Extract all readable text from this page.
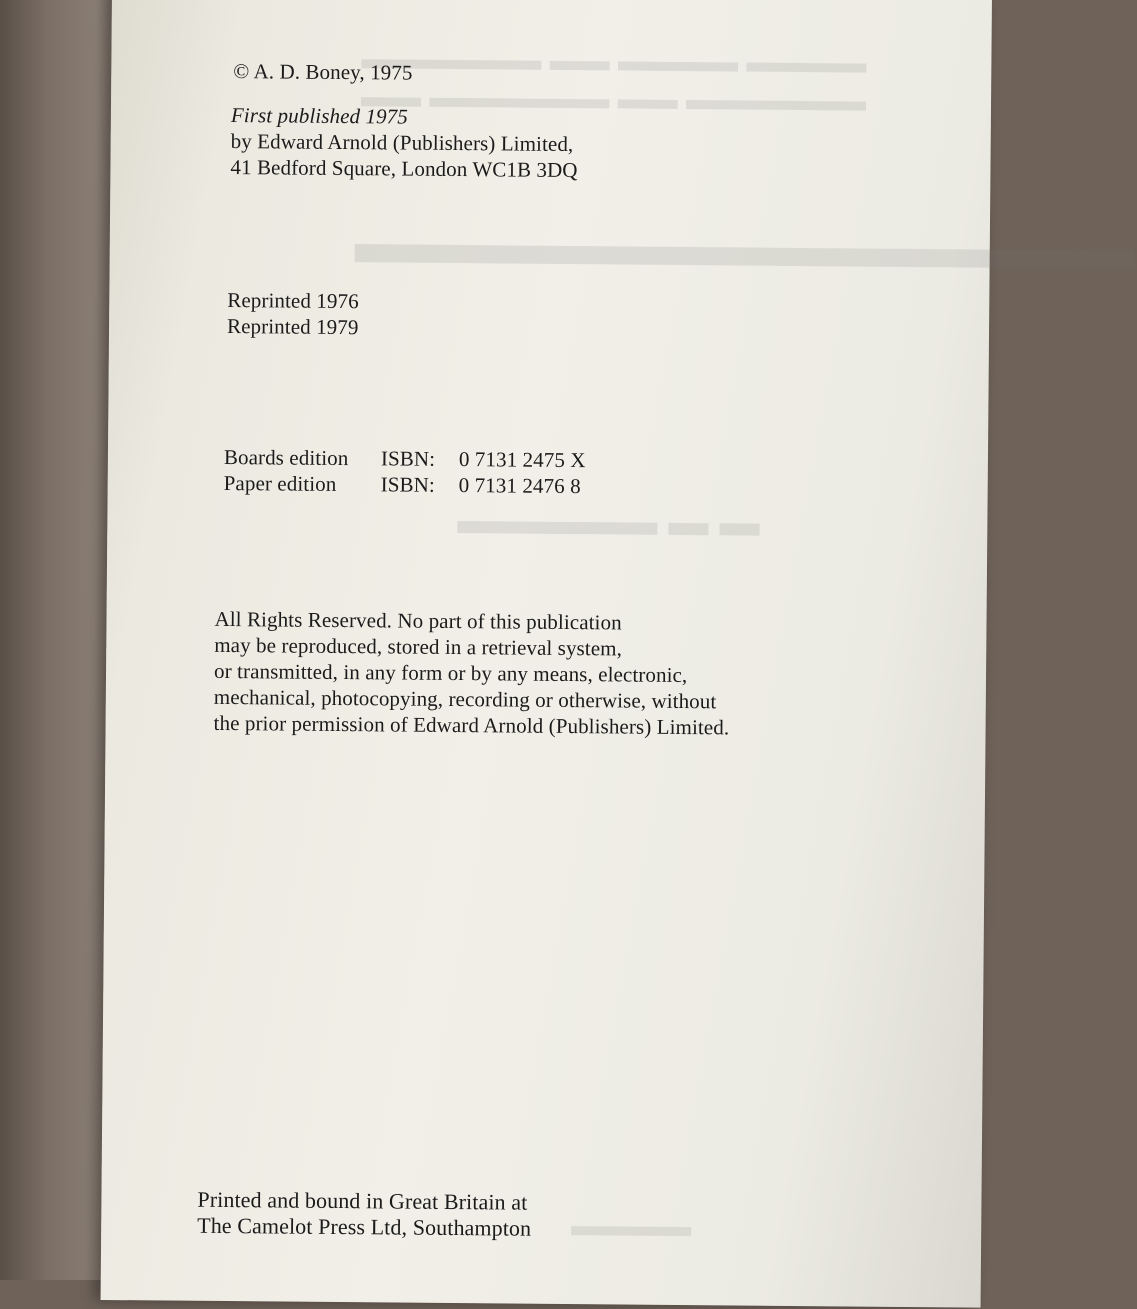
▬▬▬▬ ▬▬▬▬ ▬▬ ▬▬▬▬▬▬
▬▬▬▬▬▬ ▬▬ ▬▬▬▬▬▬ ▬▬
▬▬▬▬▬▬▬▬▬▬▬▬▬
▬ ▬ ▬▬▬▬▬
▬▬▬▬
© A. D. Boney, 1975
First published 1975
by Edward Arnold (Publishers) Limited,
41 Bedford Square, London WC1B 3DQ
Reprinted 1976
Reprinted 1979
Boards edition ISBN: 0 7131 2475 X
Paper edition ISBN: 0 7131 2476 8
All Rights Reserved. No part of this publication
may be reproduced, stored in a retrieval system,
or transmitted, in any form or by any means, electronic,
mechanical, photocopying, recording or otherwise, without
the prior permission of Edward Arnold (Publishers) Limited.
Printed and bound in Great Britain at
The Camelot Press Ltd, Southampton
